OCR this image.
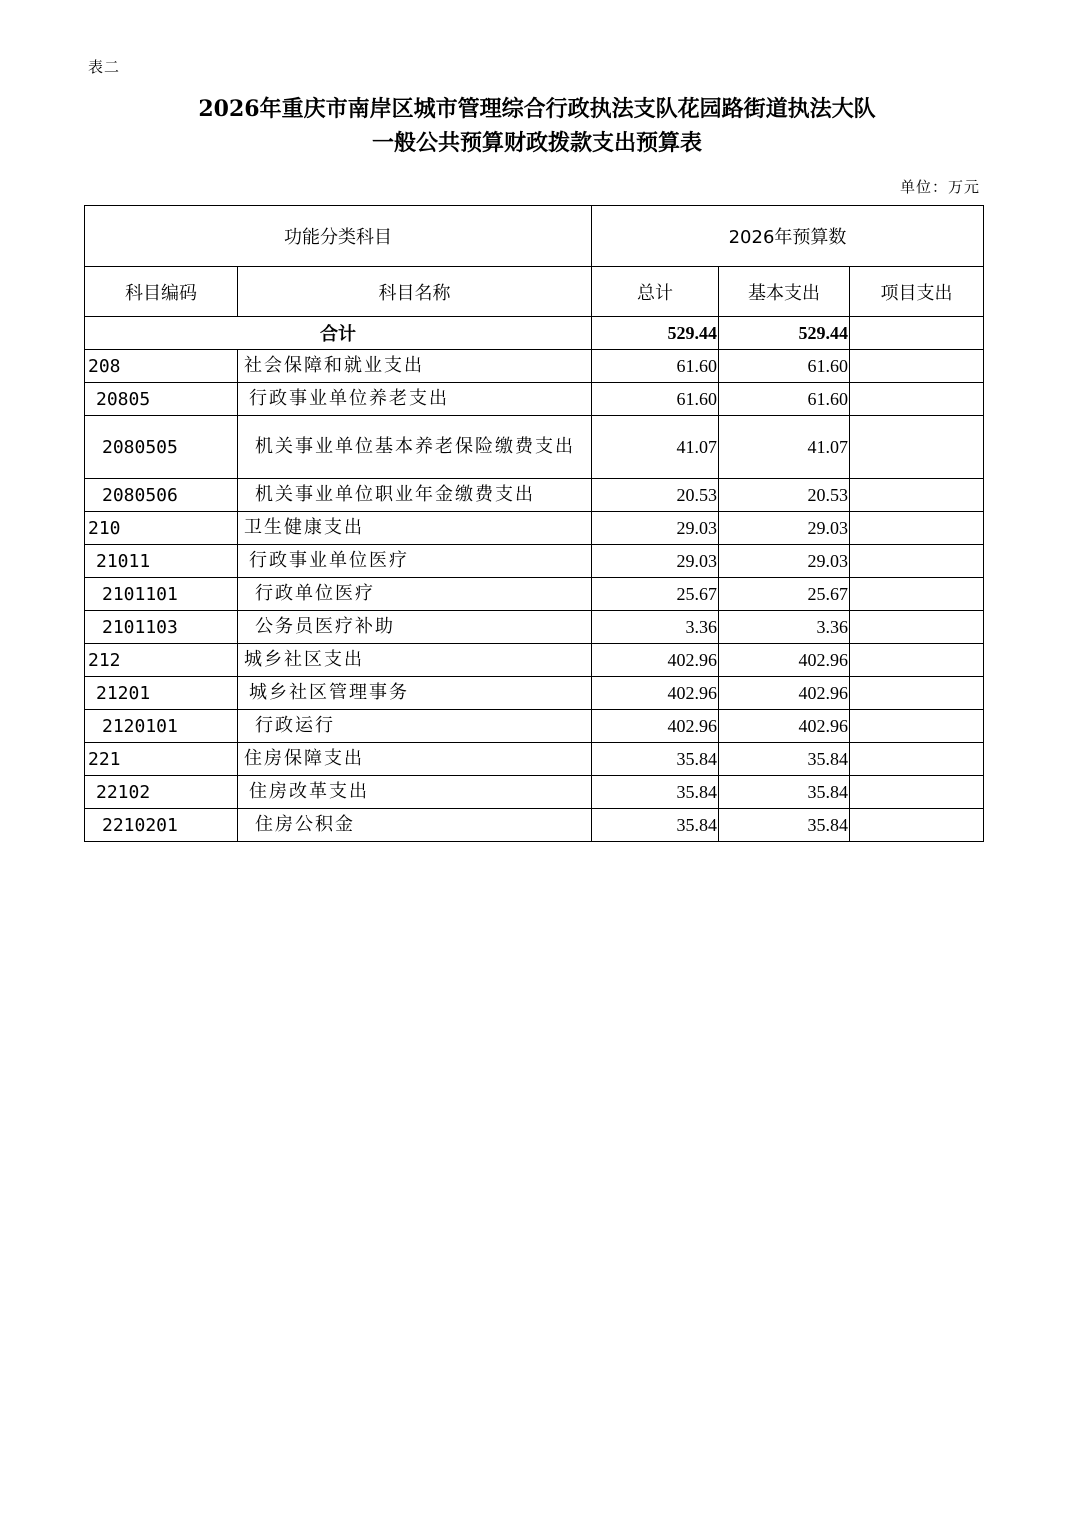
表二
2026年重庆市南岸区城市管理综合行政执法支队花园路街道执法大队
一般公共预算财政拨款支出预算表
单位：万元
功能分类科目		2026年预算数		
科目编码	科目名称	总计	基本支出	项目支出
合计		529.44	529.44	
208	社会保障和就业支出	61.60	61.60	
20805	行政事业单位养老支出	61.60	61.60	
2080505	机关事业单位基本养老保险缴费支出	41.07	41.07	
2080506	机关事业单位职业年金缴费支出	20.53	20.53	
210	卫生健康支出	29.03	29.03	
21011	行政事业单位医疗	29.03	29.03	
2101101	行政单位医疗	25.67	25.67	
2101103	公务员医疗补助	3.36	3.36	
212	城乡社区支出	402.96	402.96	
21201	城乡社区管理事务	402.96	402.96	
2120101	行政运行	402.96	402.96	
221	住房保障支出	35.84	35.84	
22102	住房改革支出	35.84	35.84	
2210201	住房公积金	35.84	35.84	
